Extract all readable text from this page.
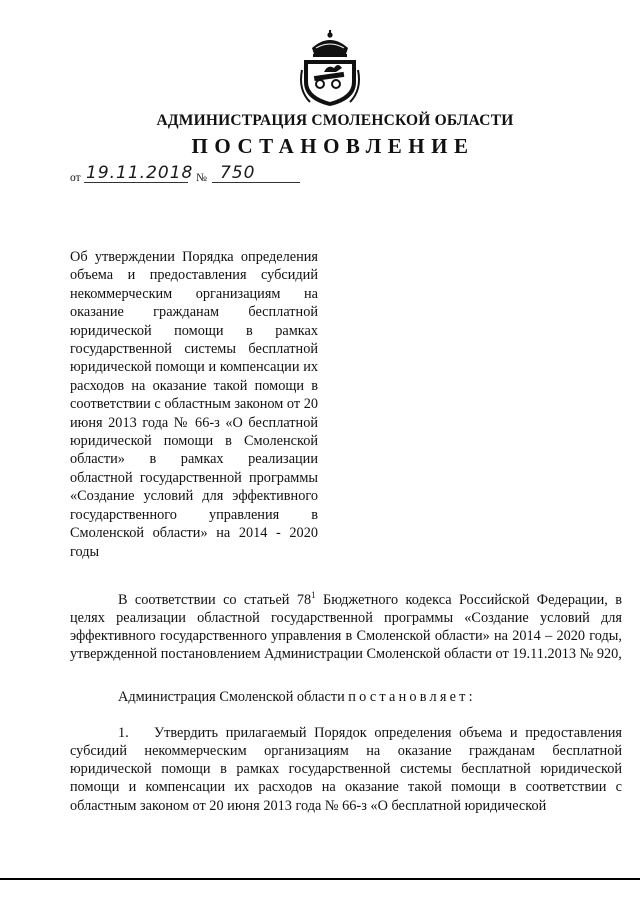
АДМИНИСТРАЦИЯ СМОЛЕНСКОЙ ОБЛАСТИ
ПОСТАНОВЛЕНИЕ
от 19.11.2018 № 750
Об утверждении Порядка определения объема и предоставления субсидий некоммерческим организациям на оказание гражданам бесплатной юридической помощи в рамках государственной системы бесплатной юридической помощи и компенсации их расходов на оказание такой помощи в соответствии с областным законом от 20 июня 2013 года № 66-з «О бесплатной юридической помощи в Смоленской области» в рамках реализации областной государственной программы «Создание условий для эффективного государственного управления в Смоленской области» на 2014 - 2020 годы

В соответствии со статьей $78^1$ Бюджетного кодекса Российской Федерации, в целях реализации областной государственной программы «Создание условий для эффективного государственного управления в Смоленской области» на 2014 – 2020 годы, утвержденной постановлением Администрации Смоленской области от 19.11.2013 № 920,

Администрация Смоленской области постановляет:

1. Утвердить прилагаемый Порядок определения объема и предоставления субсидий некоммерческим организациям на оказание гражданам бесплатной юридической помощи в рамках государственной системы бесплатной юридической помощи и компенсации их расходов на оказание такой помощи в соответствии с областным законом от 20 июня 2013 года № 66-з «О бесплатной юридической
